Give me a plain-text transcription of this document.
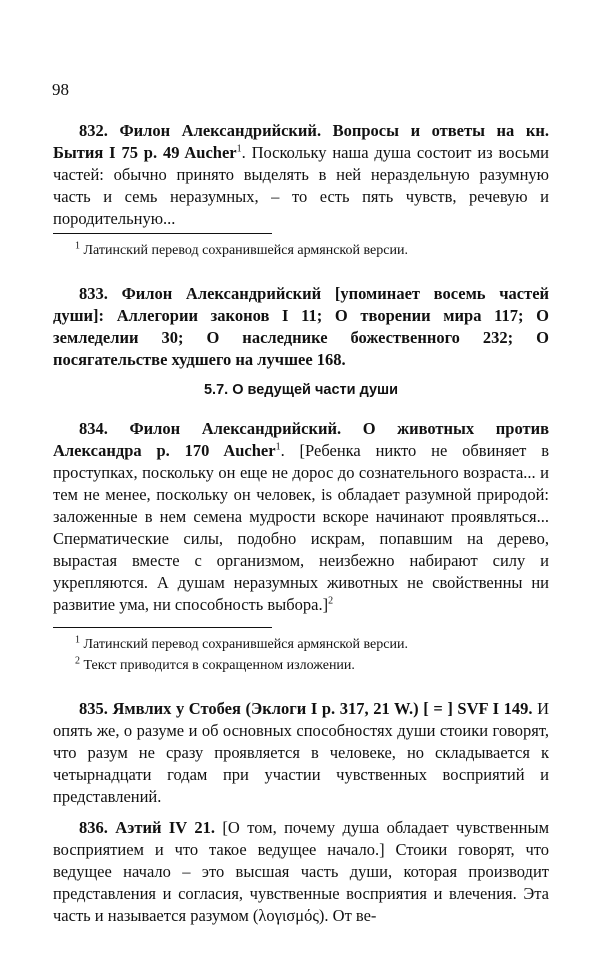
98
832. Филон Александрийский. Вопросы и ответы на кн. Бытия I 75 p. 49 Aucher$^1$. Поскольку наша душа состоит из восьми частей: обычно принято выделять в ней нераздельную разумную часть и семь неразумных, – то есть пять чувств, речевую и породительную...
$^1$ Латинский перевод сохранившейся армянской версии.
833. Филон Александрийский [упоминает восемь частей души]: Аллегории законов I 11; О творении мира 117; О земледелии 30; О наследнике божественного 232; О посягательстве худшего на лучшее 168.
5.7. О ведущей части души
834. Филон Александрийский. О животных против Александра p. 170 Aucher$^1$. [Ребенка никто не обвиняет в проступках, поскольку он еще не дорос до сознательного возраста... и тем не менее, поскольку он человек, is обладает разумной природой: заложенные в нем семена мудрости вскоре начинают проявляться... Сперматические силы, подобно искрам, попавшим на дерево, вырастая вместе с организмом, неизбежно набирают силу и укрепляются. А душам неразумных животных не свойственны ни развитие ума, ни способность выбора.]$^2$
$^1$ Латинский перевод сохранившейся армянской версии.
$^2$ Текст приводится в сокращенном изложении.
835. Ямвлих у Стобея (Эклоги I p. 317, 21 W.) [ = ] SVF I 149. И опять же, о разуме и об основных способностях души стоики говорят, что разум не сразу проявляется в человеке, но складывается к четырнадцати годам при участии чувственных восприятий и представлений.
836. Аэтий IV 21. [О том, почему душа обладает чувственным восприятием и что такое ведущее начало.] Стоики говорят, что ведущее начало – это высшая часть души, которая производит представления и согласия, чувственные восприятия и влечения. Эта часть и называется разумом (λογισμός). От ве-
